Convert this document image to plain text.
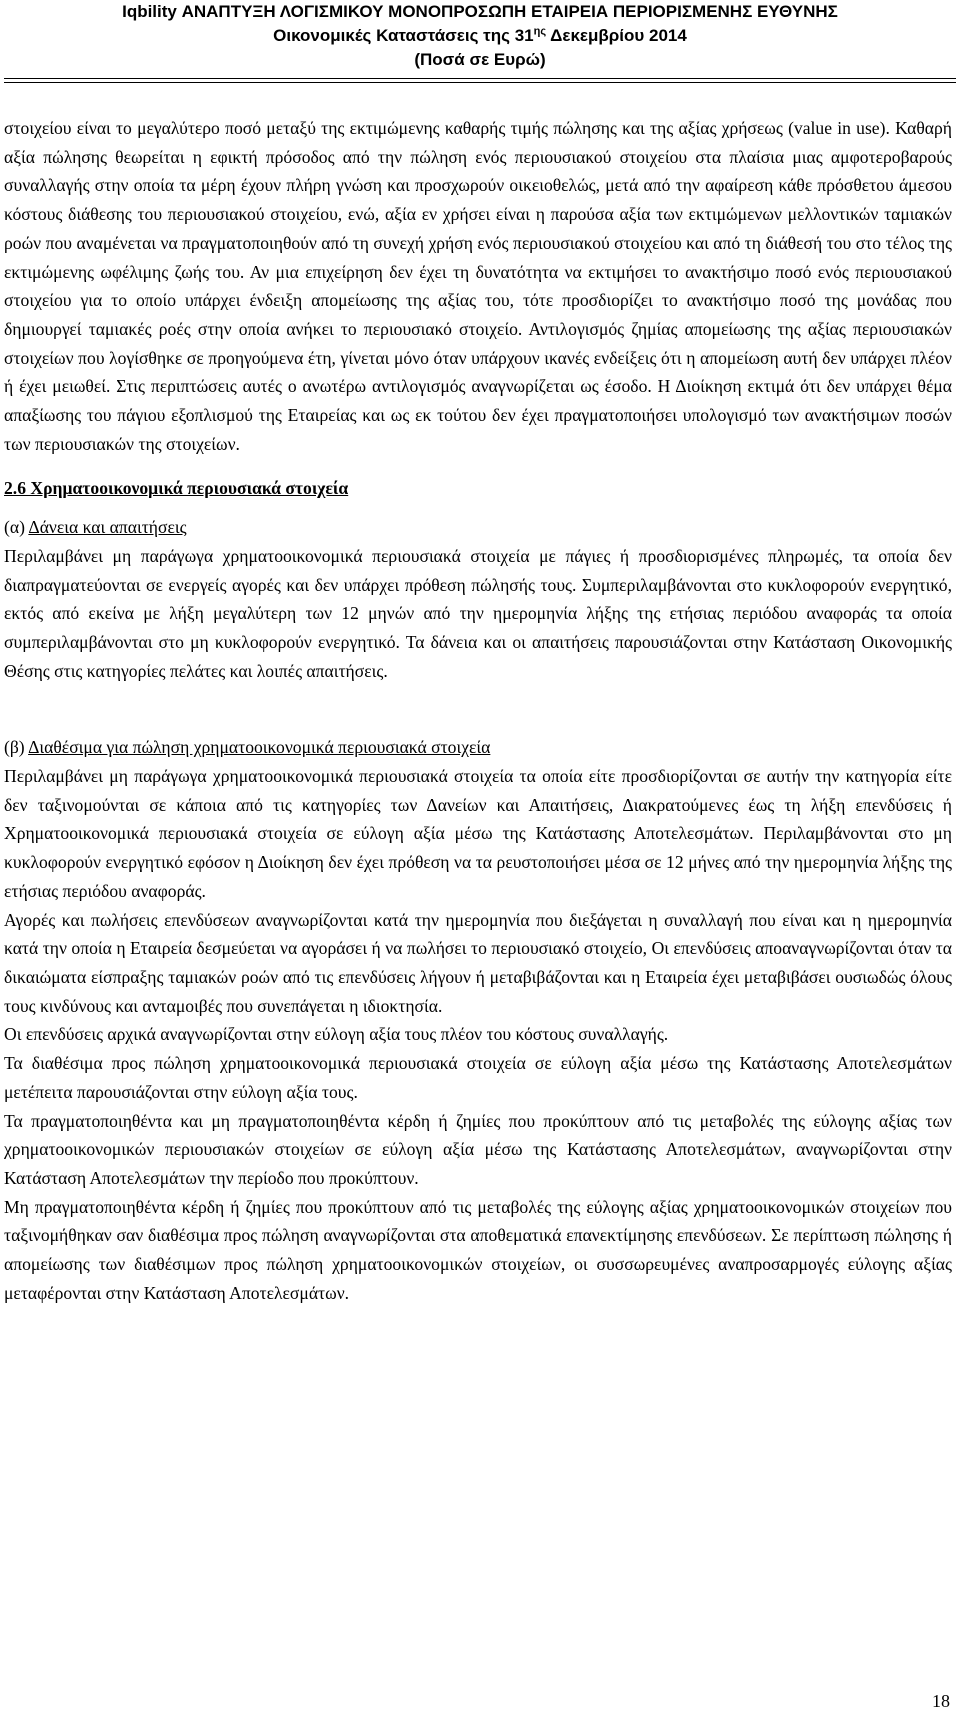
Iqbility ΑΝΑΠΤΥΞΗ ΛΟΓΙΣΜΙΚΟΥ ΜΟΝΟΠΡΟΣΩΠΗ ΕΤΑΙΡΕΙΑ ΠΕΡΙΟΡΙΣΜΕΝΗΣ ΕΥΘΥΝΗΣ
Οικονομικές Καταστάσεις της $31^{\eta\varsigma}$ Δεκεμβρίου 2014
(Ποσά σε Ευρώ)

στοιχείου είναι το μεγαλύτερο ποσό μεταξύ της εκτιμώμενης καθαρής τιμής πώλησης και της αξίας χρήσεως (value in use). Καθαρή αξία πώλησης θεωρείται η εφικτή πρόσοδος από την πώληση ενός περιουσιακού στοιχείου στα πλαίσια μιας αμφοτεροβαρούς συναλλαγής στην οποία τα μέρη έχουν πλήρη γνώση και προσχωρούν οικειοθελώς, μετά από την αφαίρεση κάθε πρόσθετου άμεσου κόστους διάθεσης του περιουσιακού στοιχείου, ενώ, αξία εν χρήσει είναι η παρούσα αξία των εκτιμώμενων μελλοντικών ταμιακών ροών που αναμένεται να πραγματοποιηθούν από τη συνεχή χρήση ενός περιουσιακού στοιχείου και από τη διάθεσή του στο τέλος της εκτιμώμενης ωφέλιμης ζωής του. Αν μια επιχείρηση δεν έχει τη δυνατότητα να εκτιμήσει το ανακτήσιμο ποσό ενός περιουσιακού στοιχείου για το οποίο υπάρχει ένδειξη απομείωσης της αξίας του, τότε προσδιορίζει το ανακτήσιμο ποσό της μονάδας που δημιουργεί ταμιακές ροές στην οποία ανήκει το περιουσιακό στοιχείο. Αντιλογισμός ζημίας απομείωσης της αξίας περιουσιακών στοιχείων που λογίσθηκε σε προηγούμενα έτη, γίνεται μόνο όταν υπάρχουν ικανές ενδείξεις ότι η απομείωση αυτή δεν υπάρχει πλέον ή έχει μειωθεί. Στις περιπτώσεις αυτές ο ανωτέρω αντιλογισμός αναγνωρίζεται ως έσοδο. Η Διοίκηση εκτιμά ότι δεν υπάρχει θέμα απαξίωσης του πάγιου εξοπλισμού της Εταιρείας και ως εκ τούτου δεν έχει πραγματοποιήσει υπολογισμό των ανακτήσιμων ποσών των περιουσιακών της στοιχείων.

2.6 Χρηματοοικονομικά περιουσιακά στοιχεία

(α) Δάνεια και απαιτήσεις

Περιλαμβάνει μη παράγωγα χρηματοοικονομικά περιουσιακά στοιχεία με πάγιες ή προσδιορισμένες πληρωμές, τα οποία δεν διαπραγματεύονται σε ενεργείς αγορές και δεν υπάρχει πρόθεση πώλησής τους. Συμπεριλαμβάνονται στο κυκλοφορούν ενεργητικό, εκτός από εκείνα με λήξη μεγαλύτερη των 12 μηνών από την ημερομηνία λήξης της ετήσιας περιόδου αναφοράς τα οποία συμπεριλαμβάνονται στο μη κυκλοφορούν ενεργητικό. Τα δάνεια και οι απαιτήσεις παρουσιάζονται στην Κατάσταση Οικονομικής Θέσης στις κατηγορίες πελάτες και λοιπές απαιτήσεις.

(β) Διαθέσιμα για πώληση χρηματοοικονομικά περιουσιακά στοιχεία

Περιλαμβάνει μη παράγωγα χρηματοοικονομικά περιουσιακά στοιχεία τα οποία είτε προσδιορίζονται σε αυτήν την κατηγορία είτε δεν ταξινομούνται σε κάποια από τις κατηγορίες των Δανείων και Απαιτήσεις, Διακρατούμενες έως τη λήξη επενδύσεις ή Χρηματοοικονομικά περιουσιακά στοιχεία σε εύλογη αξία μέσω της Κατάστασης Αποτελεσμάτων. Περιλαμβάνονται στο μη κυκλοφορούν ενεργητικό εφόσον η Διοίκηση δεν έχει πρόθεση να τα ρευστοποιήσει μέσα σε 12 μήνες από την ημερομηνία λήξης της ετήσιας περιόδου αναφοράς.

Αγορές και πωλήσεις επενδύσεων αναγνωρίζονται κατά την ημερομηνία που διεξάγεται η συναλλαγή που είναι και η ημερομηνία κατά την οποία η Εταιρεία δεσμεύεται να αγοράσει ή να πωλήσει το περιουσιακό στοιχείο, Οι επενδύσεις αποαναγνωρίζονται όταν τα δικαιώματα είσπραξης ταμιακών ροών από τις επενδύσεις λήγουν ή μεταβιβάζονται και η Εταιρεία έχει μεταβιβάσει ουσιωδώς όλους τους κινδύνους και ανταμοιβές που συνεπάγεται η ιδιοκτησία.

Οι επενδύσεις αρχικά αναγνωρίζονται στην εύλογη αξία τους πλέον του κόστους συναλλαγής.

Τα διαθέσιμα προς πώληση χρηματοοικονομικά περιουσιακά στοιχεία σε εύλογη αξία μέσω της Κατάστασης Αποτελεσμάτων μετέπειτα παρουσιάζονται στην εύλογη αξία τους.

Τα πραγματοποιηθέντα και μη πραγματοποιηθέντα κέρδη ή ζημίες που προκύπτουν από τις μεταβολές της εύλογης αξίας των χρηματοοικονομικών περιουσιακών στοιχείων σε εύλογη αξία μέσω της Κατάστασης Αποτελεσμάτων, αναγνωρίζονται στην Κατάσταση Αποτελεσμάτων την περίοδο που προκύπτουν.

Μη πραγματοποιηθέντα κέρδη ή ζημίες που προκύπτουν από τις μεταβολές της εύλογης αξίας χρηματοοικονομικών στοιχείων που ταξινομήθηκαν σαν διαθέσιμα προς πώληση αναγνωρίζονται στα αποθεματικά επανεκτίμησης επενδύσεων. Σε περίπτωση πώλησης ή απομείωσης των διαθέσιμων προς πώληση χρηματοοικονομικών στοιχείων, οι συσσωρευμένες αναπροσαρμογές εύλογης αξίας μεταφέρονται στην Κατάσταση Αποτελεσμάτων.

18
